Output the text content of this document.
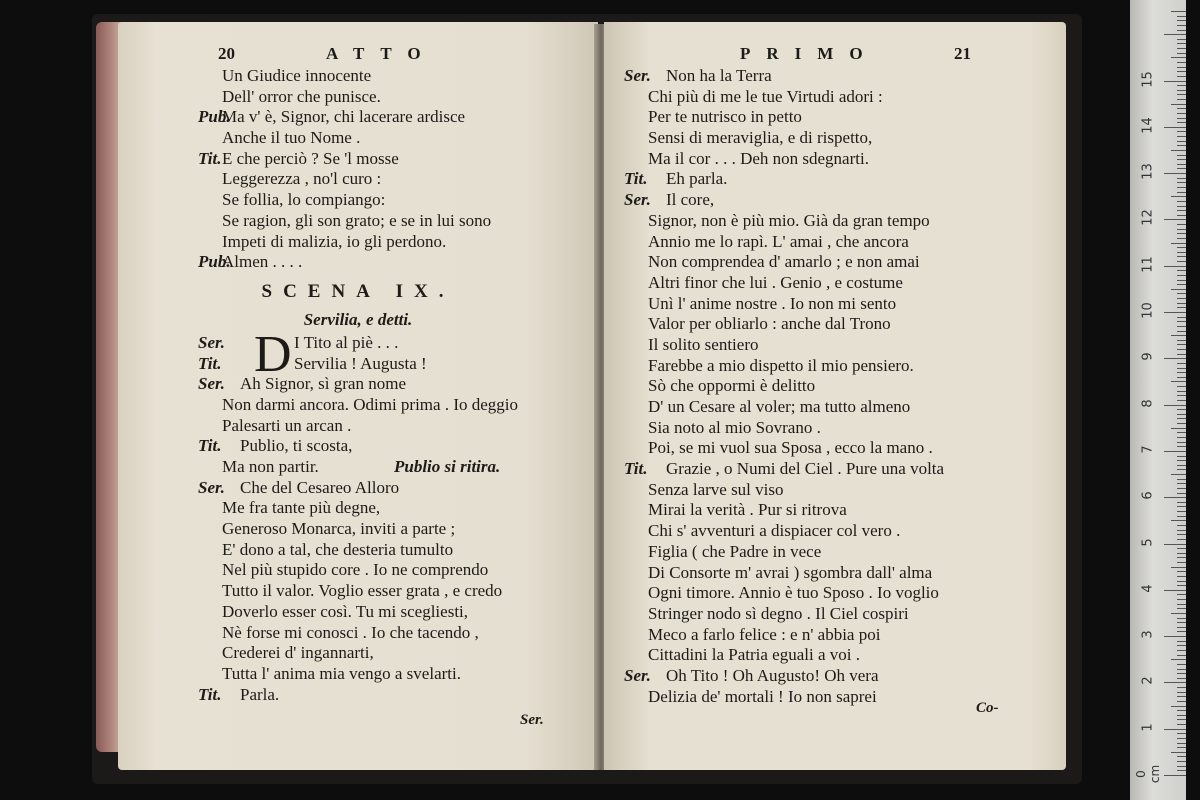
20	ATTO
Un Giudice innocente
Dell' orror che punisce.
Pub.
Ma v' è, Signor, chi lacerare ardisce
Anche il tuo Nome .
Tit. E che perciò ? Se 'l mosse
Leggerezza , no'l curo :
Se follia, lo compiango:
Se ragion, gli son grato; e se in lui sono
Impeti di malizia, io gli perdono.
Pub.
Almen . . . .
SCENA IX.
Servilia, e detti.
D
Ser.	I Tito al piè . . .
Tit.	Servilia ! Augusta !
Ser. Ah Signor, sì gran nome
Non darmi ancora. Odimi prima . Io deggio
Palesarti un arcan .
Tit. Publio, ti scosta,
Ma non partir.	Publio si ritira.
Ser. Che del Cesareo Alloro
Me fra tante più degne,
Generoso Monarca, inviti a parte ;
E' dono a tal, che desteria tumulto
Nel più stupido core . Io ne comprendo
Tutto il valor. Voglio esser grata , e credo
Doverlo esser così. Tu mi scegliesti,
Nè forse mi conosci . Io che tacendo ,
Crederei d' ingannarti,
Tutta l' anima mia vengo a svelarti.
Tit. Parla.
Ser.
PRIMO	21
Ser. Non ha la Terra
Chi più di me le tue Virtudi adori :
Per te nutrisco in petto
Sensi di meraviglia, e di rispetto,
Ma il cor . . . Deh non sdegnarti.
Tit. Eh parla.
Ser. Il core,
Signor, non è più mio. Già da gran tempo
Annio me lo rapì. L' amai , che ancora
Non comprendea d' amarlo ; e non amai
Altri finor che lui . Genio , e costume
Unì l' anime nostre . Io non mi sento
Valor per obliarlo : anche dal Trono
Il solito sentiero
Farebbe a mio dispetto il mio pensiero.
Sò che oppormi è delitto
D' un Cesare al voler; ma tutto almeno
Sia noto al mio Sovrano .
Poi, se mi vuol sua Sposa , ecco la mano .
Tit. Grazie , o Numi del Ciel . Pure una volta
Senza larve sul viso
Mirai la verità . Pur si ritrova
Chi s' avventuri a dispiacer col vero .
Figlia ( che Padre in vece
Di Consorte m' avrai ) sgombra dall' alma
Ogni timore. Annio è tuo Sposo . Io voglio
Stringer nodo sì degno . Il Ciel cospiri
Meco a farlo felice : e n' abbia poi
Cittadini la Patria eguali a voi .
Ser. Oh Tito ! Oh Augusto! Oh vera
Delizia de' mortali ! Io non saprei
Co-
0 cm
15
14
13
12
11
10
9
8
7
6
5
4
3
2
1
